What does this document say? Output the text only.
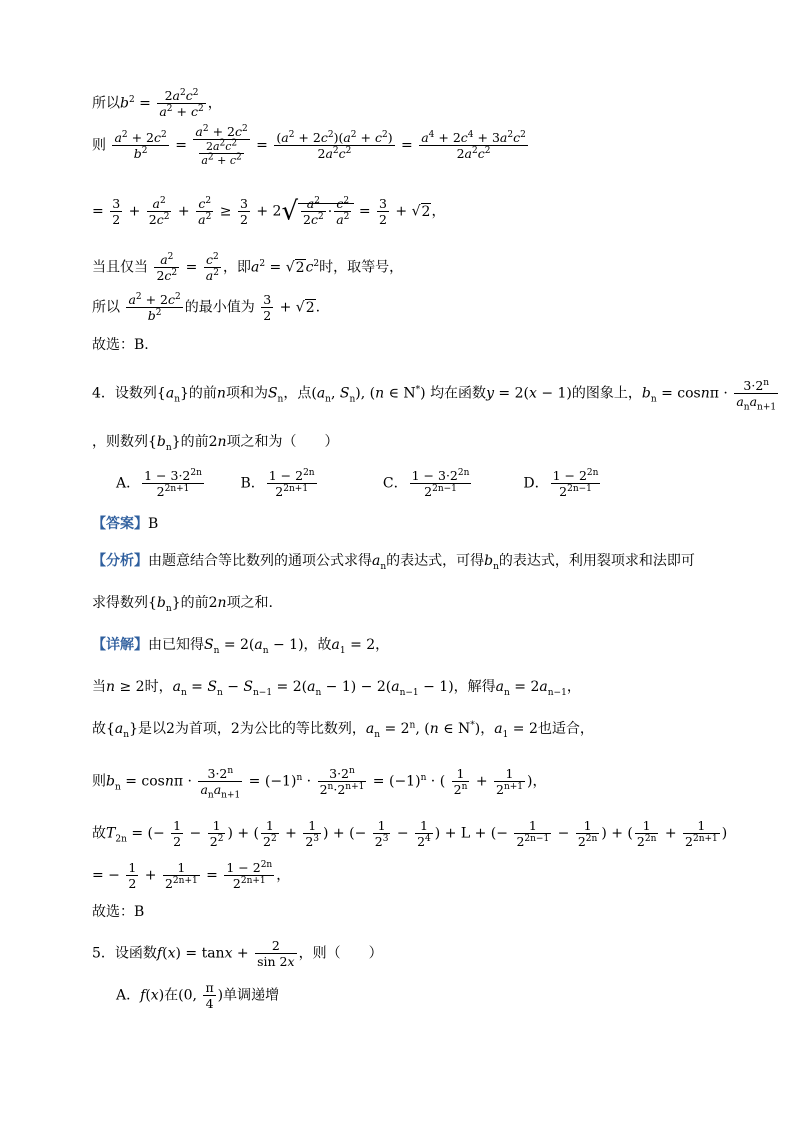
所以$b^2 = \frac{2a^2c^2}{a^2 + c^2}$ ，
则 $\frac{a^2 + 2c^2}{b^2} = \frac{a^2 + 2c^2}{\frac{2a^2c^2}{a^2 + c^2}} = \frac{(a^2 + 2c^2)(a^2 + c^2)}{2a^2c^2} = \frac{a^4 + 2c^4 + 3a^2c^2}{2a^2c^2}$
= $\frac{3}{2} + \frac{a^2}{2c^2} + \frac{c^2}{a^2} \ge \frac{3}{2} + 2√ \frac{a^2}{2c^2} \cdot \frac{c^2}{a^2} = \frac{3}{2} + √2$，
当且仅当 $\frac{a^2}{2c^2} = \frac{c^2}{a^2}$ ，即$a^2 = √2c^2$时，取等号，
所以 $\frac{a^2 + 2c^2}{b^2}$ 的最小值为 $\frac{3}{2} + √2$.
故选：B.
4．设数列$\{a_n\}$的前n项和为$S_n$，点($a_n$, $S_n$), (n ∈ N*) 均在函数y = 2(x − 1)的图象上，$b_n = \cos n\pi \cdot \frac{3\cdot 2^n}{a_na_{n+1}}$
，则数列$\{b_n\}$的前2n项之和为（　　）
A． $\frac{1 - 3\cdot 2^{2n}}{2^{2n+1}}$	B． $\frac{1 - 2^{2n}}{2^{2n+1}}$	C． $\frac{1 - 3\cdot 2^{2n}}{2^{2n-1}}$	D． $\frac{1 - 2^{2n}}{2^{2n-1}}$
【答案】B
【分析】由题意结合等比数列的通项公式求得$a_n$的表达式，可得$b_n$的表达式，利用裂项求和法即可
求得数列$\{b_n\}$的前2n项之和.
【详解】由已知得$S_n = 2(a_n - 1)$，故$a_1 = 2$，
当n ≥ 2时，$a_n = S_n - S_{n-1} = 2(a_n - 1) - 2(a_{n-1} - 1)$，解得$a_n = 2a_{n-1}$，
故$\{a_n\}$是以2为首项，2为公比的等比数列，$a_n = 2^n$, (n ∈ N*)，$a_1 = 2$也适合，
则$b_n = \cos n\pi \cdot \frac{3\cdot 2^n}{a_na_{n+1}} = (-1)^n \cdot \frac{3\cdot 2^n}{2^n\cdot 2^{n+1}} = (-1)^n$ · ( $\frac{1}{2^n} + \frac{1}{2^{n+1}}$ )，
故$T_{2n}$ = (− $\frac{1}{2} - \frac{1}{2^2}$ ) + ( $\frac{1}{2^2} + \frac{1}{2^3}$ ) + (− $\frac{1}{2^3} - \frac{1}{2^4}$ ) + L + (− $\frac{1}{2^{2n-1}} - \frac{1}{2^{2n}}$ ) + ( $\frac{1}{2^{2n}} + \frac{1}{2^{2n+1}}$ )
= − $\frac{1}{2} + \frac{1}{2^{2n+1}} = \frac{1 - 2^{2n}}{2^{2n+1}}$ ，
故选：B
5．设函数$f(x) = \tan x + \frac{2}{\sin 2x}$ ，则（　　）
A．f(x)在(0, $\frac{\pi}{4}$ )单调递增
